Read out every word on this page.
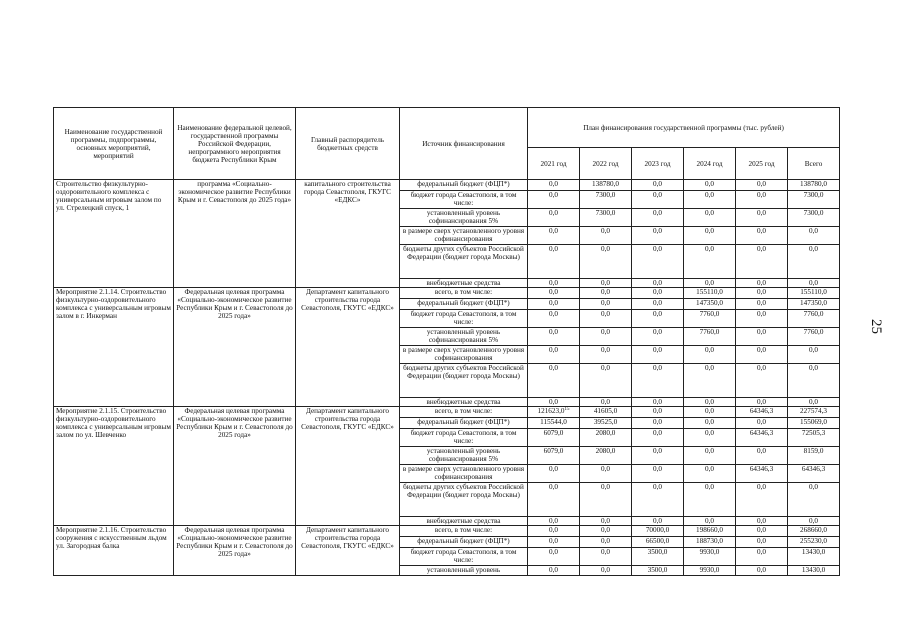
Наименование государственной программы, подпрограммы, основных мероприятий, мероприятий	Наименование федеральной целевой, государственной программы Российской Федерации, непрограммного мероприятия бюджета Республики Крым	Главный распорядитель бюджетных средств	Источник финансирования	План финансирования государственной программы (тыс. рублей)					
				2021 год	2022 год	2023 год	2024 год	2025 год	Всего
Строительство физкультурно-оздоровительного комплекса с универсальным игровым залом по ул. Стрелецкий спуск, 1	программа «Социально-экономическое развитие Республики Крым и г. Севастополя до 2025 года»	капитального строительства города Севастополя, ГКУГС «ЕДКС»	федеральный бюджет (ФЦП*)	0,0	138780,0	0,0	0,0	0,0	138780,0
			бюджет города Севастополя, в том числе:	0,0	7300,0	0,0	0,0	0,0	7300,0
			установленный уровень софинансирования 5%	0,0	7300,0	0,0	0,0	0,0	7300,0
			в размере сверх установленного уровня софинансирования	0,0	0,0	0,0	0,0	0,0	0,0
			бюджеты других субъектов Российской Федерации (бюджет города Москвы)	0,0	0,0	0,0	0,0	0,0	0,0
			внебюджетные средства	0,0	0,0	0,0	0,0	0,0	0,0
Мероприятие 2.1.14. Строительство физкультурно-оздоровительного комплекса с универсальным игровым залом в г. Инкерман	Федеральная целевая программа «Социально-экономическое развитие Республики Крым и г. Севастополя до 2025 года»	Департамент капитального строительства города Севастополя, ГКУГС «ЕДКС»	всего, в том числе:	0,0	0,0	0,0	155110,0	0,0	155110,0
			федеральный бюджет (ФЦП*)	0,0	0,0	0,0	147350,0	0,0	147350,0
			бюджет города Севастополя, в том числе:	0,0	0,0	0,0	7760,0	0,0	7760,0
			установленный уровень софинансирования 5%	0,0	0,0	0,0	7760,0	0,0	7760,0
			в размере сверх установленного уровня софинансирования	0,0	0,0	0,0	0,0	0,0	0,0
			бюджеты других субъектов Российской Федерации (бюджет города Москвы)	0,0	0,0	0,0	0,0	0,0	0,0
			внебюджетные средства	0,0	0,0	0,0	0,0	0,0	0,0
Мероприятие 2.1.15. Строительство физкультурно-оздоровительного комплекса с универсальным игровым залом по ул. Шевченко	Федеральная целевая программа «Социально-экономическое развитие Республики Крым и г. Севастополя до 2025 года»	Департамент капитального строительства города Севастополя, ГКУГС «ЕДКС»	всего, в том числе:	121623,0$^{15}$	41605,0	0,0	0,0	64346,3	227574,3
			федеральный бюджет (ФЦП*)	115544,0	39525,0	0,0	0,0	0,0	155069,0
			бюджет города Севастополя, в том числе:	6079,0	2080,0	0,0	0,0	64346,3	72505,3
			установленный уровень софинансирования 5%	6079,0	2080,0	0,0	0,0	0,0	8159,0
			в размере сверх установленного уровня софинансирования	0,0	0,0	0,0	0,0	64346,3	64346,3
			бюджеты других субъектов Российской Федерации (бюджет города Москвы)	0,0	0,0	0,0	0,0	0,0	0,0
			внебюджетные средства	0,0	0,0	0,0	0,0	0,0	0,0
Мероприятие 2.1.16. Строительство сооружения с искусственным льдом ул. Загородная балка	Федеральная целевая программа «Социально-экономическое развитие Республики Крым и г. Севастополя до 2025 года»	Департамент капитального строительства города Севастополя, ГКУГС «ЕДКС»	всего, в том числе:	0,0	0,0	70000,0	198660,0	0,0	268660,0
			федеральный бюджет (ФЦП*)	0,0	0,0	66500,0	188730,0	0,0	255230,0
			бюджет города Севастополя, в том числе:	0,0	0,0	3500,0	9930,0	0,0	13430,0
			установленный уровень	0,0	0,0	3500,0	9930,0	0,0	13430,0
25
